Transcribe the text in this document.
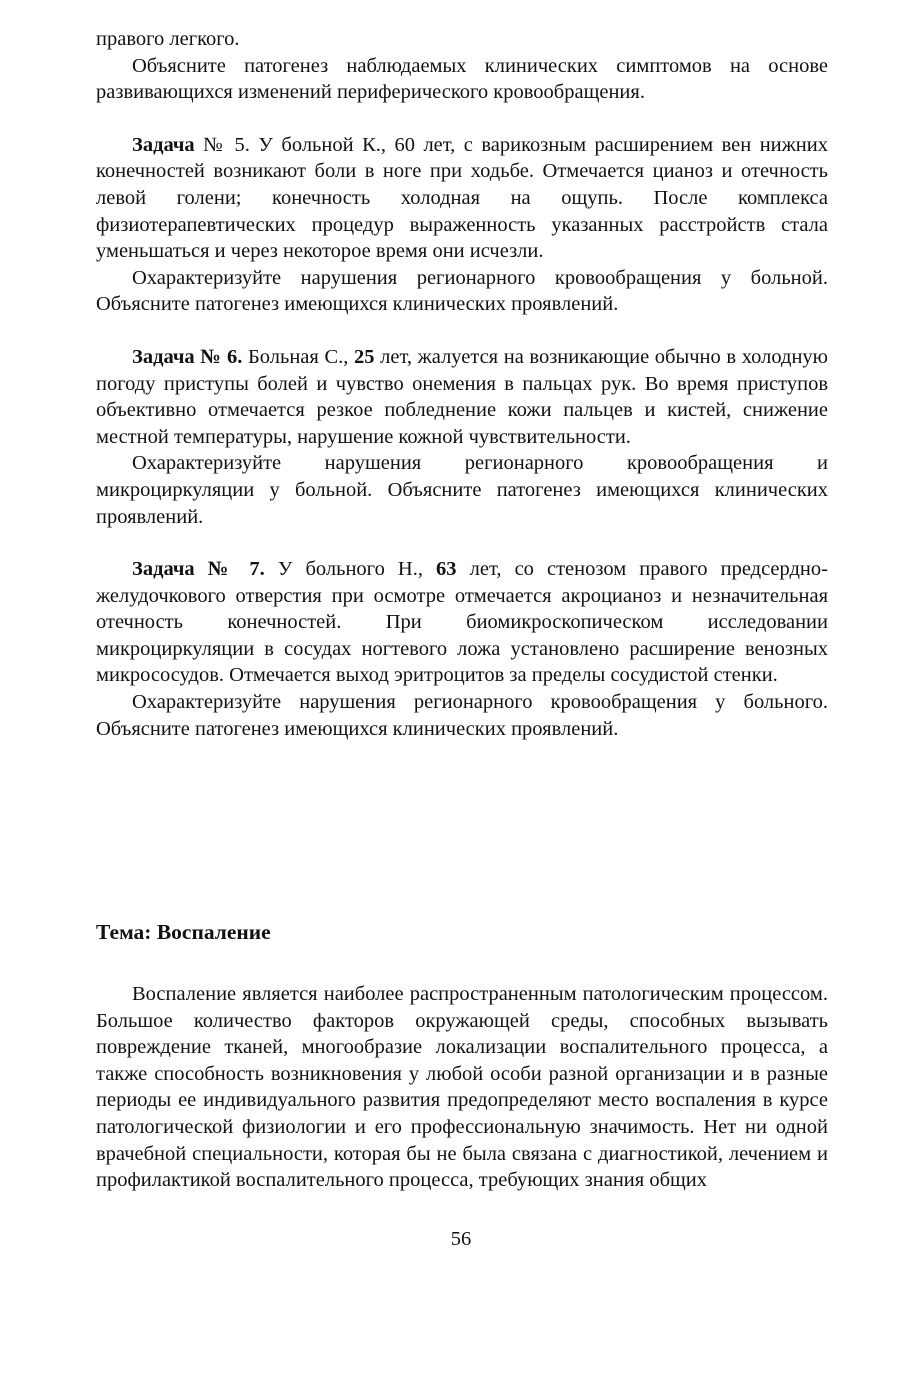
правого легкого.

Объясните патогенез наблюдаемых клинических симптомов на основе развивающихся изменений периферического кровообращения.

Задача № 5. У больной К., 60 лет, с варикозным расширением вен нижних конечностей возникают боли в ноге при ходьбе. Отмечается цианоз и отечность левой голени; конечность холодная на ощупь. После комплекса физиотерапевтических процедур выраженность указанных расстройств стала уменьшаться и через некоторое время они исчезли.

Охарактеризуйте нарушения регионарного кровообращения у больной. Объясните патогенез имеющихся клинических проявлений.

Задача № 6. Больная С., 25 лет, жалуется на возникающие обычно в холодную погоду приступы болей и чувство онемения в пальцах рук. Во время приступов объективно отмечается резкое побледнение кожи пальцев и кистей, снижение местной температуры, нарушение кожной чувствительности.

Охарактеризуйте нарушения регионарного кровообращения и микроциркуляции у больной. Объясните патогенез имеющихся клинических проявлений.

Задача № 7. У больного Н., 63 лет, со стенозом правого предсердно-желудочкового отверстия при осмотре отмечается акроцианоз и незначительная отечность конечностей. При биомикроскопическом исследовании микроциркуляции в сосудах ногтевого ложа установлено расширение венозных микрососудов. Отмечается выход эритроцитов за пределы сосудистой стенки.

Охарактеризуйте нарушения регионарного кровообращения у больного. Объясните патогенез имеющихся клинических проявлений.

Тема: Воспаление

Воспаление является наиболее распространенным патологическим процессом. Большое количество факторов окружающей среды, способных вызывать повреждение тканей, многообразие локализации воспалительного процесса, а также способность возникновения у любой особи разной организации и в разные периоды ее индивидуального развития предопределяют место воспаления в курсе патологической физиологии и его профессиональную значимость. Нет ни одной врачебной специальности, которая бы не была связана с диагностикой, лечением и профилактикой воспалительного процесса, требующих знания общих

56
